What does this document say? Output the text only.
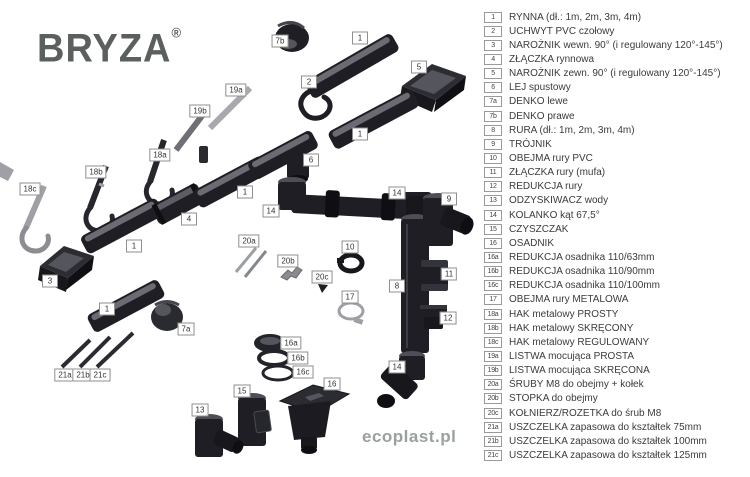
BRYZA®
7b	1
5
2
19a
19b
1
18a
6
18b
18c	1	14
9
14
4
20a
1	10
20b
11
20c
3
8
17
1
12
7a
16a
16b
14
16c
21a 21b 21c
16
15
13
ecoplast.pl
1	RYNNA (dł.: 1m, 2m, 3m, 4m)
2	UCHWYT PVC czołowy
3	NAROŻNIK wewn. 90° (i regulowany 120°-145°)
4	ZŁĄCZKA rynnowa
5	NAROŻNIK zewn. 90° (i regulowany 120°-145°)
6	LEJ spustowy
7a	DENKO lewe
7b	DENKO prawe
8	RURA (dł.: 1m, 2m, 3m, 4m)
9	TRÓJNIK
10	OBEJMA rury PVC
11	ZŁĄCZKA rury (mufa)
12	REDUKCJA rury
13	ODZYSKIWACZ wody
14	KOLANKO kąt 67,5°
15	CZYSZCZAK
16	OSADNIK
16a	REDUKCJA osadnika 110/63mm
16b	REDUKCJA osadnika 110/90mm
16c	REDUKCJA osadnika 110/100mm
17	OBEJMA rury METALOWA
18a	HAK metalowy PROSTY
18b	HAK metalowy SKRĘCONY
18c	HAK metalowy REGULOWANY
19a	LISTWA mocująca PROSTA
19b	LISTWA mocująca SKRĘCONA
20a	ŚRUBY M8 do obejmy + kołek
20b	STOPKA do obejmy
20c	KOŁNIERZ/ROZETKA do śrub M8
21a	USZCZELKA zapasowa do kształtek 75mm
21b	USZCZELKA zapasowa do kształtek 100mm
21c	USZCZELKA zapasowa do kształtek 125mm
